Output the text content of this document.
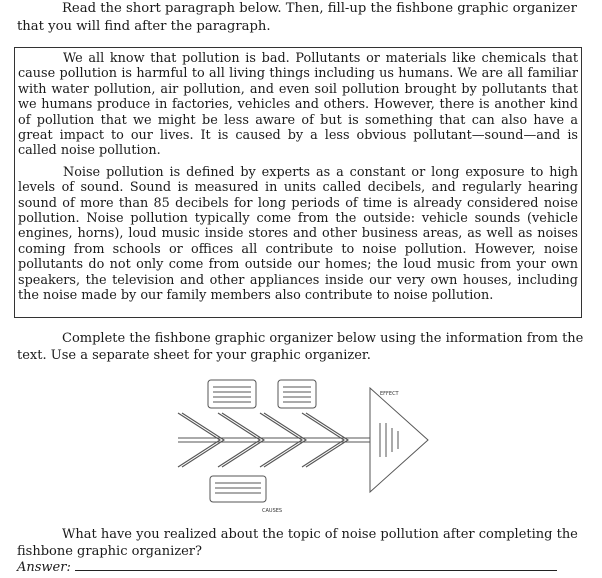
Read the short paragraph below. Then, fill-up the fishbone graphic organizer that you will find after the paragraph.

We all know that pollution is bad. Pollutants or materials like chemicals that cause pollution is harmful to all living things including us humans. We are all familiar with water pollution, air pollution, and even soil pollution brought by pollutants that we humans produce in factories, vehicles and others. However, there is another kind of pollution that we might be less aware of but is something that can also have a great impact to our lives. It is caused by a less obvious pollutant—sound—and is called noise pollution.

Noise pollution is defined by experts as a constant or long exposure to high levels of sound. Sound is measured in units called decibels, and regularly hearing sound of more than 85 decibels for long periods of time is already considered noise pollution. Noise pollution typically come from the outside: vehicle sounds (vehicle engines, horns), loud music inside stores and other business areas, as well as noises coming from schools or offices all contribute to noise pollution. However, noise pollutants do not only come from outside our homes; the loud music from your own speakers, the television and other appliances inside our very own houses, including the noise made by our family members also contribute to noise pollution.

Complete the fishbone graphic organizer below using the information from the text. Use a separate sheet for your graphic organizer.

EFFECT
CAUSES

What have you realized about the topic of noise pollution after completing the fishbone graphic organizer?

Answer:
